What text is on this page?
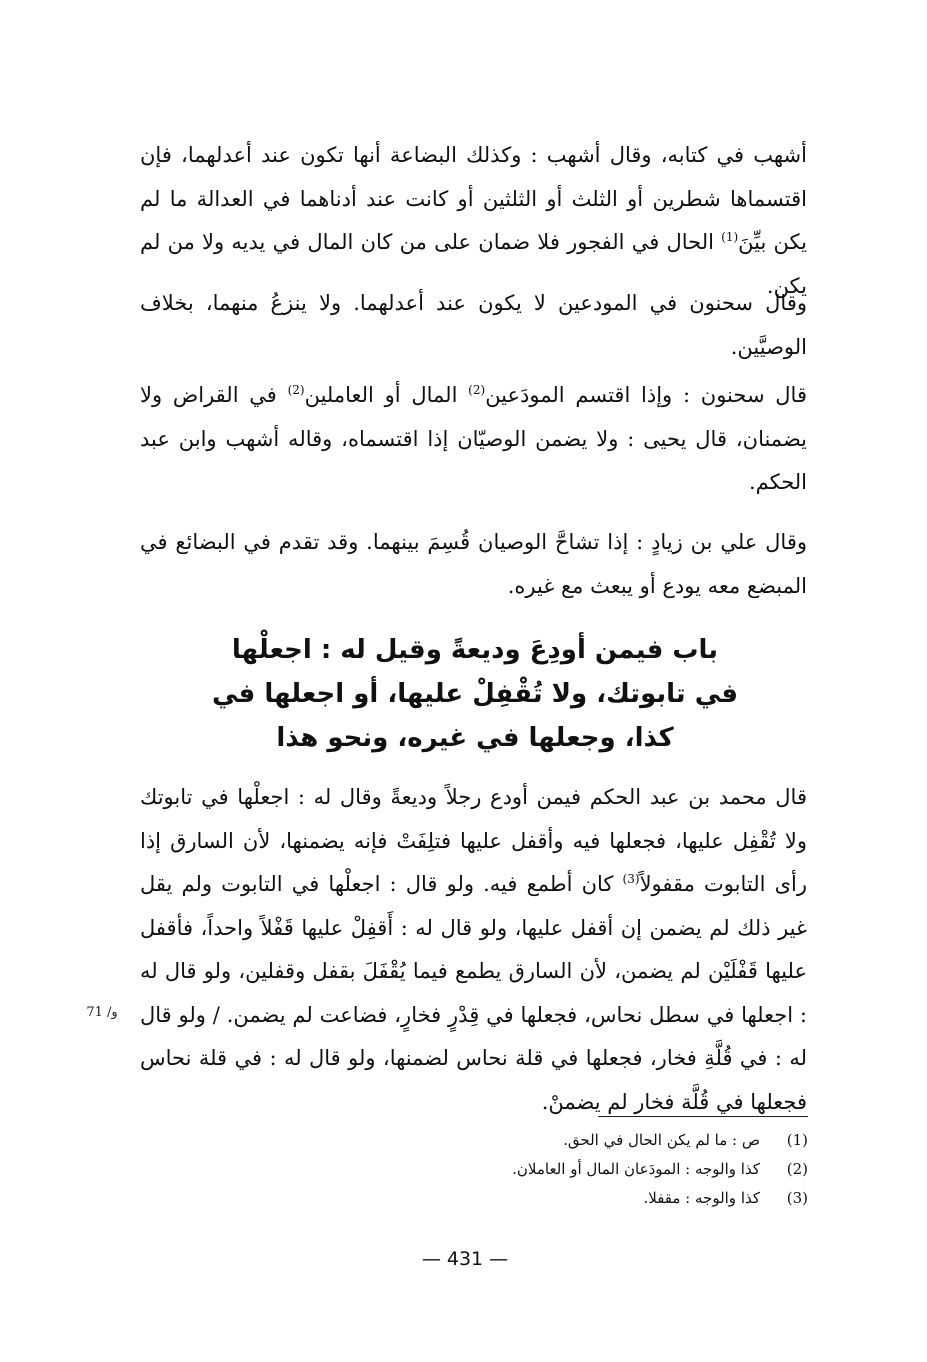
أشهب في كتابه، وقال أشهب : وكذلك البضاعة أنها تكون عند أعدلهما، فإن اقتسماها شطرين أو الثلث أو الثلثين أو كانت عند أدناهما في العدالة ما لم يكن بيِّنَ$^{(1)}$ الحال في الفجور فلا ضمان على من كان المال في يديه ولا من لم يكن.
وقال سحنون في المودعين لا يكون عند أعدلهما. ولا ينزعُ منهما، بخلاف الوصيَّين.
قال سحنون : وإذا اقتسم المودَعين$^{(2)}$ المال أو العاملين$^{(2)}$ في القراض ولا يضمنان، قال يحيى : ولا يضمن الوصيّان إذا اقتسماه، وقاله أشهب وابن عبد الحكم.
وقال علي بن زيادٍ : إذا تشاحَّ الوصيان قُسِمَ بينهما. وقد تقدم في البضائع في المبضع معه يودع أو يبعث مع غيره.
باب فيمن أودِعَ وديعةً وقيل له : اجعلْها
في تابوتك، ولا تُقْفِلْ عليها، أو اجعلها في
كذا، وجعلها في غيره، ونحو هذا
قال محمد بن عبد الحكم فيمن أودع رجلاً وديعةً وقال له : اجعلْها في تابوتك ولا تُقْفِل عليها، فجعلها فيه وأقفل عليها فتلِفَتْ فإنه يضمنها، لأن السارق إذا رأى التابوت مقفولاً$^{(3)}$ كان أطمع فيه. ولو قال : اجعلْها في التابوت ولم يقل غير ذلك لم يضمن إن أقفل عليها، ولو قال له : أَقفِلْ عليها قَفْلاً واحداً، فأقفل عليها قَفْلَيْن لم يضمن، لأن السارق يطمع فيما يُقْفَلَ بقفل وقفلين، ولو قال له : اجعلها في سطل نحاس، فجعلها في قِدْرٍ فخارٍ، فضاعت لم يضمن. / ولو قال له : في قُلَّةِ فخار، فجعلها في قلة نحاس لضمنها، ولو قال له : في قلة نحاس فجعلها في قُلَّة فخار لم يضمنْ.
71 /و
(1)
ص : ما لم يكن الحال في الحق.
(2)
كذا والوجه : المودَعان المال أو العاملان.
(3)
كذا والوجه : مقفلا.
— 431 —
